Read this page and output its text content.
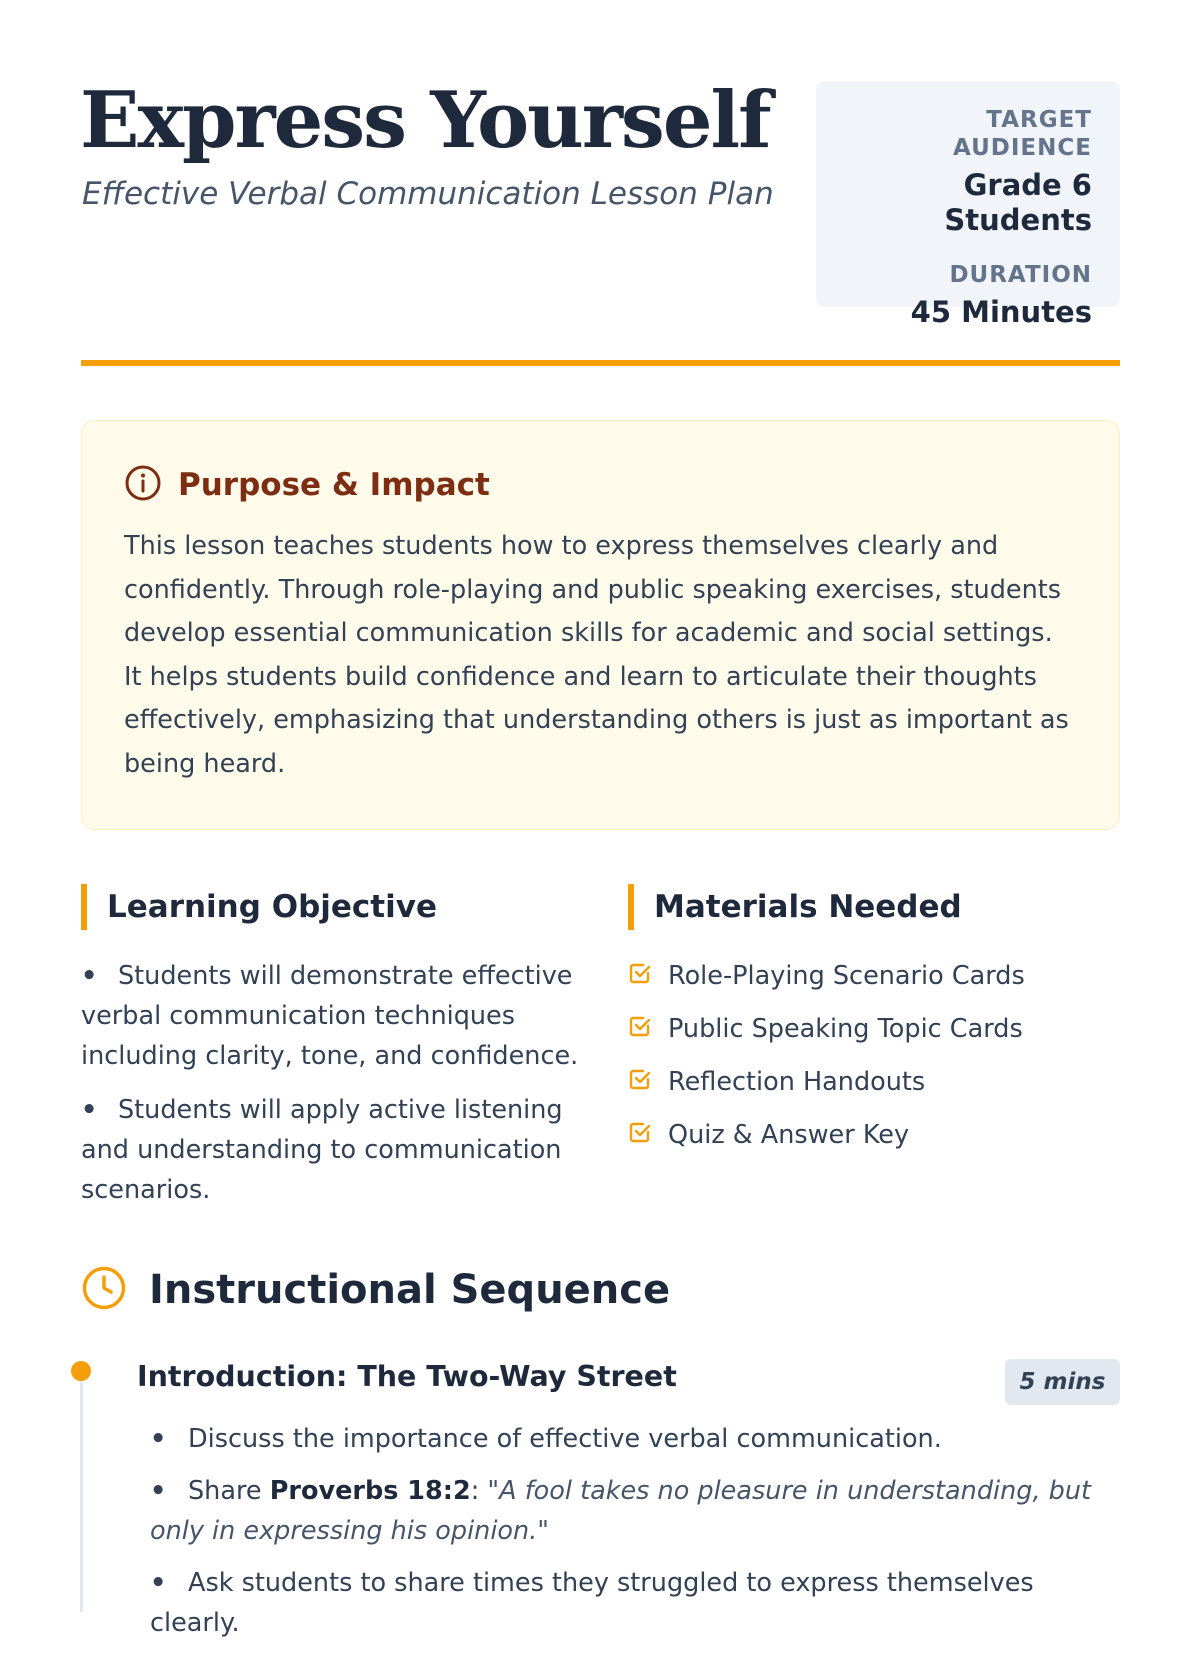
Express Yourself

Effective Verbal Communication Lesson Plan

TARGET AUDIENCE
Grade 6 Students
DURATION
45 Minutes
Purpose & Impact
This lesson teaches students how to express themselves clearly and confidently. Through role-playing and public speaking exercises, students develop essential communication skills for academic and social settings. It helps students build confidence and learn to articulate their thoughts effectively, emphasizing that understanding others is just as important as being heard.
Learning Objective
• Students will demonstrate effective verbal communication techniques including clarity, tone, and confidence.
• Students will apply active listening and understanding to communication scenarios.
Materials Needed
Role-Playing Scenario Cards
Public Speaking Topic Cards
Reflection Handouts
Quiz & Answer Key
Instructional Sequence
Introduction: The Two-Way Street	5 mins
• Discuss the importance of effective verbal communication.
• Share Proverbs 18:2: "A fool takes no pleasure in understanding, but only in expressing his opinion."
• Ask students to share times they struggled to express themselves clearly.
